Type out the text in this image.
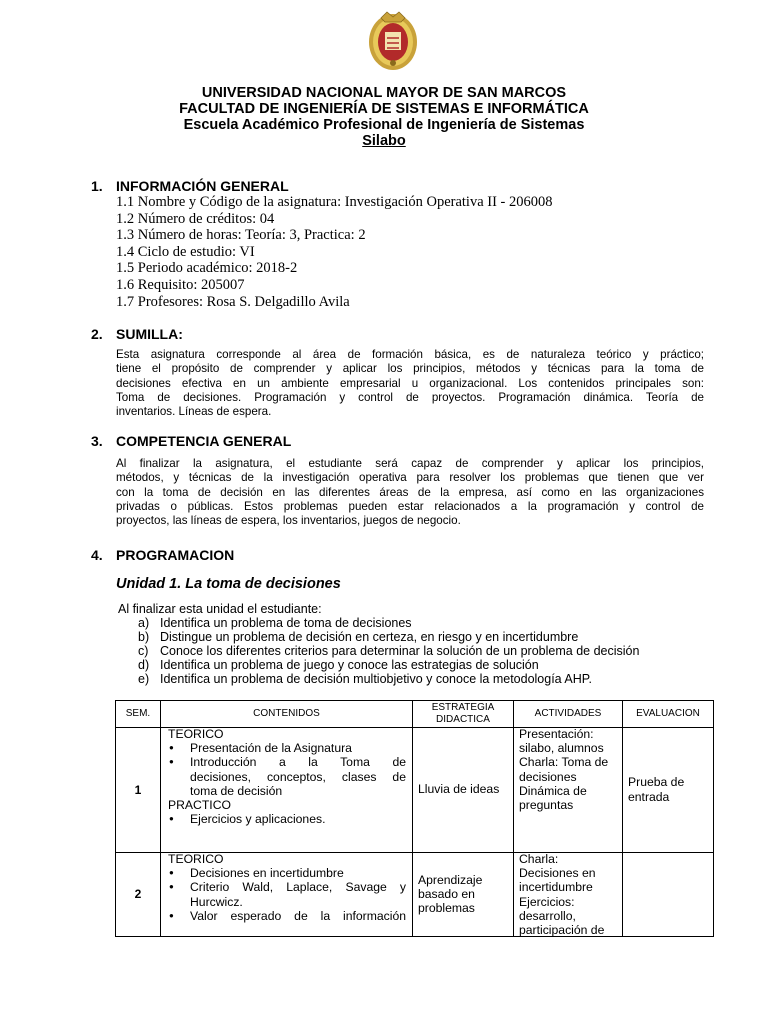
UNIVERSIDAD NACIONAL MAYOR DE SAN MARCOS
FACULTAD DE INGENIERÍA DE SISTEMAS E INFORMÁTICA
Escuela Académico Profesional de Ingeniería de Sistemas
Silabo
1. INFORMACIÓN GENERAL
1.1 Nombre y Código de la asignatura: Investigación Operativa II - 206008
1.2 Número de créditos: 04
1.3 Número de horas: Teoría: 3, Practica: 2
1.4 Ciclo de estudio: VI
1.5 Periodo académico: 2018-2
1.6 Requisito: 205007
1.7 Profesores: Rosa S. Delgadillo Avila
2. SUMILLA:
Esta asignatura corresponde al área de formación básica, es de naturaleza teórico y práctico;
tiene el propósito de comprender y aplicar los principios, métodos y técnicas para la toma de
decisiones efectiva en un ambiente empresarial u organizacional. Los contenidos principales son:
Toma de decisiones. Programación y control de proyectos. Programación dinámica. Teoría de
inventarios. Líneas de espera.
3. COMPETENCIA GENERAL
Al finalizar la asignatura, el estudiante será capaz de comprender y aplicar los principios,
métodos, y técnicas de la investigación operativa para resolver los problemas que tienen que ver
con la toma de decisión en las diferentes áreas de la empresa, así como en las organizaciones
privadas o públicas. Estos problemas pueden estar relacionados a la programación y control de
proyectos, las líneas de espera, los inventarios, juegos de negocio.
4. PROGRAMACION
Unidad 1. La toma de decisiones
Al finalizar esta unidad el estudiante:
a) Identifica un problema de toma de decisiones
b) Distingue un problema de decisión en certeza, en riesgo y en incertidumbre
c) Conoce los diferentes criterios para determinar la solución de un problema de decisión
d) Identifica un problema de juego y conoce las estrategias de solución
e) Identifica un problema de decisión multiobjetivo y conoce la metodología AHP.
SEM.	CONTENIDOS
ESTRATEGIA
DIDACTICA
ACTIVIDADES	EVALUACION
1
TEORICO
● Presentación de la Asignatura
● Introducción a la Toma de
decisiones, conceptos, clases de
toma de decisión
PRACTICO
● Ejercicios y aplicaciones.
Lluvia de ideas
Presentación:
silabo, alumnos
Charla: Toma de
decisiones
Dinámica de
preguntas
Prueba de
entrada
2
TEORICO
● Decisiones en incertidumbre
● Criterio Wald, Laplace, Savage y
Hurcwicz.
● Valor esperado de la información
Aprendizaje
basado en
problemas
Charla:
Decisiones en
incertidumbre
Ejercicios:
desarrollo,
participación de
